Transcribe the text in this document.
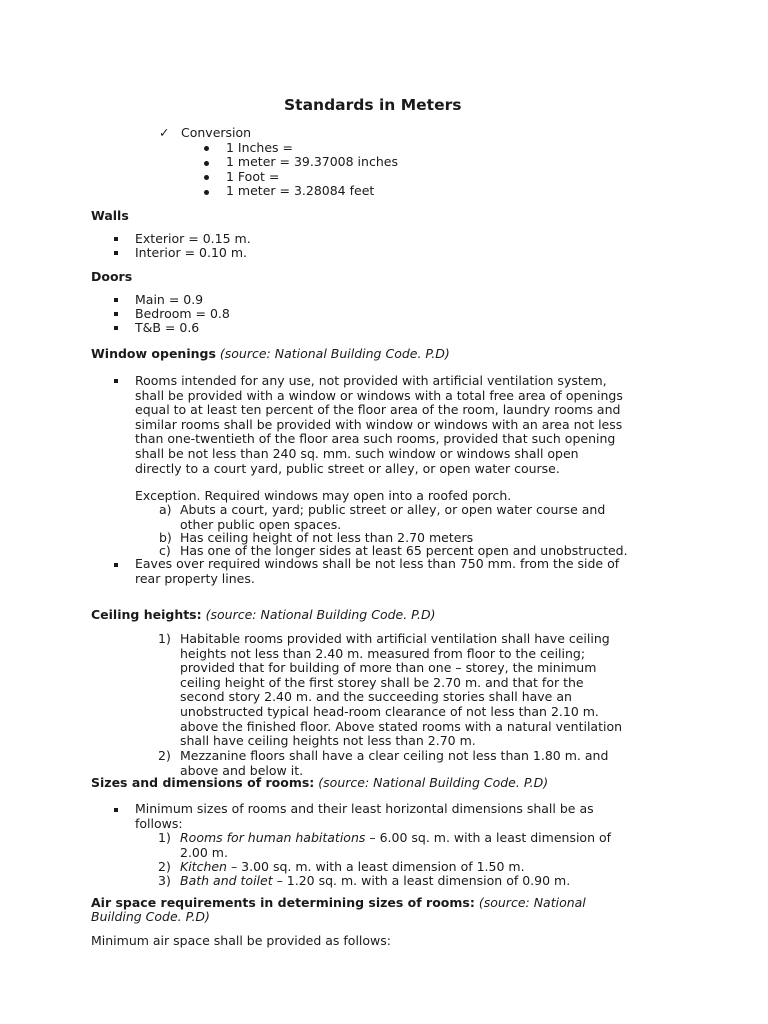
Standards in Meters
✓ Conversion
1 Inches =
1 meter = 39.37008 inches
1 Foot =
1 meter = 3.28084 feet
Walls
Exterior = 0.15 m.
Interior = 0.10 m.
Doors
Main = 0.9
Bedroom = 0.8
T&B = 0.6
Window openings (source: National Building Code. P.D)
Rooms intended for any use, not provided with artificial ventilation system,
shall be provided with a window or windows with a total free area of openings
equal to at least ten percent of the floor area of the room, laundry rooms and
similar rooms shall be provided with window or windows with an area not less
than one-twentieth of the floor area such rooms, provided that such opening
shall be not less than 240 sq. mm. such window or windows shall open
directly to a court yard, public street or alley, or open water course.
Exception. Required windows may open into a roofed porch.
a) Abuts a court, yard; public street or alley, or open water course and
other public open spaces.
b) Has ceiling height of not less than 2.70 meters
c) Has one of the longer sides at least 65 percent open and unobstructed.
Eaves over required windows shall be not less than 750 mm. from the side of
rear property lines.
Ceiling heights: (source: National Building Code. P.D)
1) Habitable rooms provided with artificial ventilation shall have ceiling
heights not less than 2.40 m. measured from floor to the ceiling;
provided that for building of more than one – storey, the minimum
ceiling height of the first storey shall be 2.70 m. and that for the
second story 2.40 m. and the succeeding stories shall have an
unobstructed typical head-room clearance of not less than 2.10 m.
above the finished floor. Above stated rooms with a natural ventilation
shall have ceiling heights not less than 2.70 m.
2) Mezzanine floors shall have a clear ceiling not less than 1.80 m. and
above and below it.
Sizes and dimensions of rooms: (source: National Building Code. P.D)
Minimum sizes of rooms and their least horizontal dimensions shall be as
follows:
1) Rooms for human habitations – 6.00 sq. m. with a least dimension of
2.00 m.
2) Kitchen – 3.00 sq. m. with a least dimension of 1.50 m.
3) Bath and toilet – 1.20 sq. m. with a least dimension of 0.90 m.
Air space requirements in determining sizes of rooms: (source: National
Building Code. P.D)
Minimum air space shall be provided as follows:
